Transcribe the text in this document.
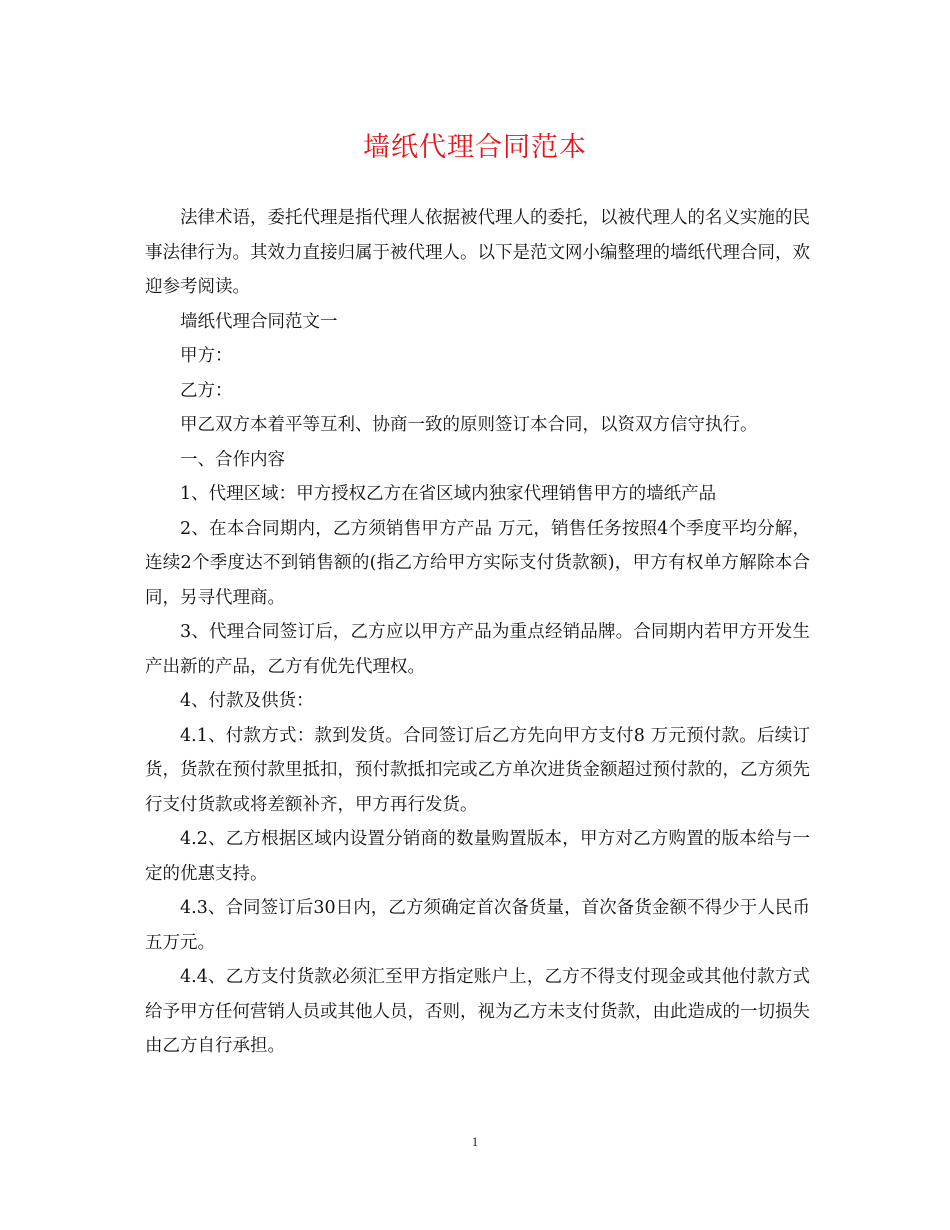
墙纸代理合同范本

法律术语，委托代理是指代理人依据被代理人的委托，以被代理人的名义实施的民事法律行为。其效力直接归属于被代理人。以下是范文网小编整理的墙纸代理合同，欢迎参考阅读。

墙纸代理合同范文一

甲方：

乙方：

甲乙双方本着平等互利、协商一致的原则签订本合同，以资双方信守执行。

一、合作内容

1、代理区域：甲方授权乙方在省区域内独家代理销售甲方的墙纸产品

2、在本合同期内，乙方须销售甲方产品 万元，销售任务按照4个季度平均分解，连续2个季度达不到销售额的(指乙方给甲方实际支付货款额)，甲方有权单方解除本合同，另寻代理商。

3、代理合同签订后，乙方应以甲方产品为重点经销品牌。合同期内若甲方开发生产出新的产品，乙方有优先代理权。

4、付款及供货：

4.1、付款方式：款到发货。合同签订后乙方先向甲方支付8 万元预付款。后续订货，货款在预付款里抵扣，预付款抵扣完或乙方单次进货金额超过预付款的，乙方须先行支付货款或将差额补齐，甲方再行发货。

4.2、乙方根据区域内设置分销商的数量购置版本，甲方对乙方购置的版本给与一定的优惠支持。

4.3、合同签订后30日内，乙方须确定首次备货量，首次备货金额不得少于人民币五万元。

4.4、乙方支付货款必须汇至甲方指定账户上，乙方不得支付现金或其他付款方式给予甲方任何营销人员或其他人员，否则，视为乙方未支付货款，由此造成的一切损失由乙方自行承担。

1
